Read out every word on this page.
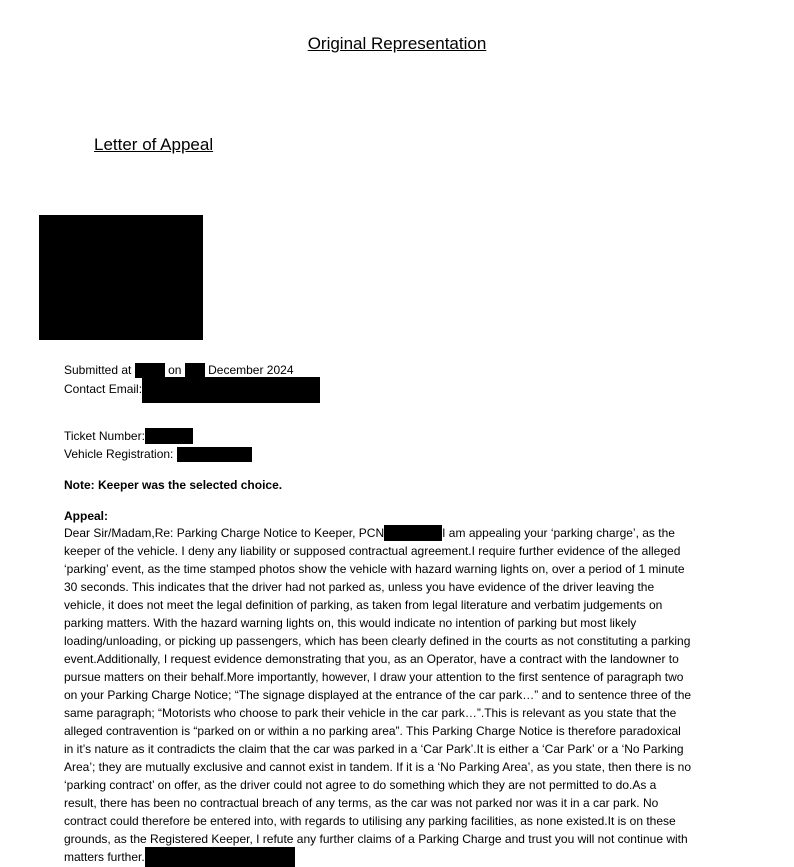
Original Representation
Letter of Appeal
Submitted at	on December 2024
Contact Email:
Ticket Number:
Vehicle Registration:
Note: Keeper was the selected choice.
Appeal:
Dear Sir/Madam,Re: Parking Charge Notice to Keeper, PCN	I am appealing your ‘parking charge’, as the
keeper of the vehicle. I deny any liability or supposed contractual agreement.I require further evidence of the alleged
‘parking’ event, as the time stamped photos show the vehicle with hazard warning lights on, over a period of 1 minute
30 seconds. This indicates that the driver had not parked as, unless you have evidence of the driver leaving the
vehicle, it does not meet the legal definition of parking, as taken from legal literature and verbatim judgements on
parking matters. With the hazard warning lights on, this would indicate no intention of parking but most likely
loading/unloading, or picking up passengers, which has been clearly defined in the courts as not constituting a parking
event.Additionally, I request evidence demonstrating that you, as an Operator, have a contract with the landowner to
pursue matters on their behalf.More importantly, however, I draw your attention to the first sentence of paragraph two
on your Parking Charge Notice; “The signage displayed at the entrance of the car park…” and to sentence three of the
same paragraph; “Motorists who choose to park their vehicle in the car park…”.This is relevant as you state that the
alleged contravention is “parked on or within a no parking area”. This Parking Charge Notice is therefore paradoxical
in it’s nature as it contradicts the claim that the car was parked in a ‘Car Park’.It is either a ‘Car Park’ or a ‘No Parking
Area’; they are mutually exclusive and cannot exist in tandem. If it is a ‘No Parking Area’, as you state, then there is no
‘parking contract’ on offer, as the driver could not agree to do something which they are not permitted to do.As a
result, there has been no contractual breach of any terms, as the car was not parked nor was it in a car park. No
contract could therefore be entered into, with regards to utilising any parking facilities, as none existed.It is on these
grounds, as the Registered Keeper, I refute any further claims of a Parking Charge and trust you will not continue with
matters further.
